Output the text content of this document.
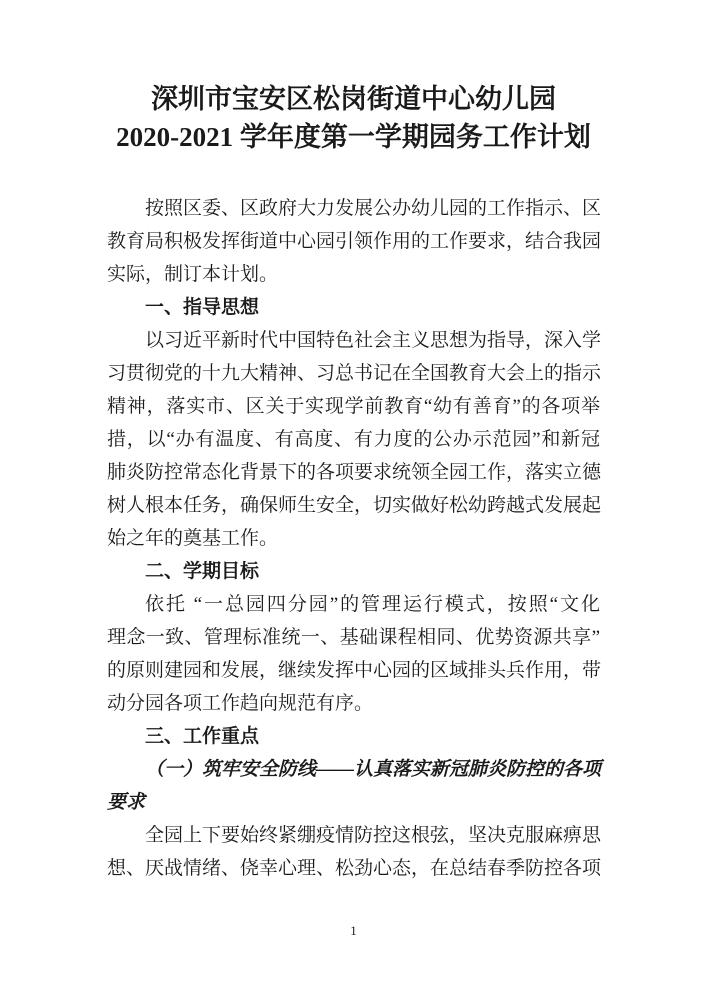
深圳市宝安区松岗街道中心幼儿园
2020-2021 学年度第一学期园务工作计划
按照区委、区政府大力发展公办幼儿园的工作指示、区
教育局积极发挥街道中心园引领作用的工作要求，结合我园
实际，制订本计划。
一、指导思想
以习近平新时代中国特色社会主义思想为指导，深入学
习贯彻党的十九大精神、习总书记在全国教育大会上的指示
精神，落实市、区关于实现学前教育“幼有善育”的各项举
措，以“办有温度、有高度、有力度的公办示范园”和新冠
肺炎防控常态化背景下的各项要求统领全园工作，落实立德
树人根本任务，确保师生安全，切实做好松幼跨越式发展起
始之年的奠基工作。
二、学期目标
依托 “一总园四分园”的管理运行模式，按照“文化
理念一致、管理标准统一、基础课程相同、优势资源共享”
的原则建园和发展，继续发挥中心园的区域排头兵作用，带
动分园各项工作趋向规范有序。
三、工作重点
（一）筑牢安全防线——认真落实新冠肺炎防控的各项
要求
全园上下要始终紧绷疫情防控这根弦，坚决克服麻痹思
想、厌战情绪、侥幸心理、松劲心态，在总结春季防控各项
1
